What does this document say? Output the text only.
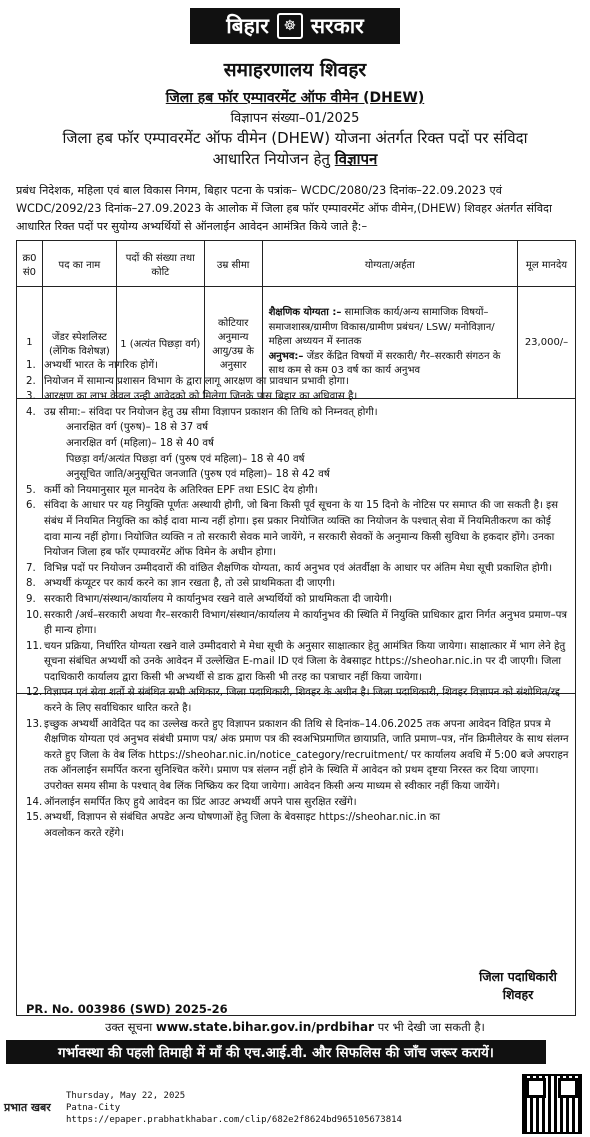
बिहार	☸ सरकार
समाहरणालय शिवहर
जिला हब फॉर एम्पावरमेंट ऑफ वीमेन (DHEW)
विज्ञापन संख्या–01/2025
जिला हब फॉर एम्पावरमेंट ऑफ वीमेन (DHEW) योजना अंतर्गत रिक्त पदों पर संविदा आधारित नियोजन हेतु विज्ञापन
प्रबंध निदेशक, महिला एवं बाल विकास निगम, बिहार पटना के पत्रांक– WCDC/2080/23 दिनांक–22.09.2023 एवं WCDC/2092/23 दिनांक–27.09.2023 के आलोक में जिला हब फॉर एम्पावरमेंट ऑफ वीमेन,(DHEW) शिवहर अंतर्गत संविदा आधारित रिक्त पदों पर सुयोग्य अभ्यर्थियों से ऑनलाईन आवेदन आमंत्रित किये जाते है:–
क्र0 सं0	पद का नाम	पदों की संख्या तथा कोटि	उम्र सीमा	योग्यता/अर्हता	मूल मानदेय
1	जेंडर स्पेशलिस्ट (लेंगिक विशेषज्ञ)	1 (अत्यंत पिछड़ा वर्ग)	कोटियार अनुमान्य आयु/उम्र के अनुसार	शैक्षणिक योग्यता :– सामाजिक कार्य/अन्य सामाजिक विषयों– समाजशास्त्र/ग्रामीण विकास/ग्रामीण प्रबंधन/ LSW/ मनोविज्ञान/ महिला अध्ययन में स्नातक
अनुभव:– जेंडर केंद्रित विषयों में सरकारी/ गैर–सरकारी संगठन के साथ कम से कम 03 वर्ष का कार्य अनुभव	23,000/–
1. अभ्यर्थी भारत के नागरिक होगें।
2. नियोजन में सामान्य प्रशासन विभाग के द्वारा लागू आरक्षण का प्रावधान प्रभावी होगा।
3. आरक्षण का लाभ केवल उन्ही आवेदको को मिलेगा जिनके पास बिहार का अधिवास है।
4. उम्र सीमा:– संविदा पर नियोजन हेतु उम्र सीमा विज्ञापन प्रकाशन की तिथि को निम्नवत् होगी।
अनारक्षित वर्ग (पुरुष)– 18 से 37 वर्ष
अनारक्षित वर्ग (महिला)– 18 से 40 वर्ष
पिछड़ा वर्ग/अत्यंत पिछड़ा वर्ग (पुरुष एवं महिला)– 18 से 40 वर्ष
अनुसूचित जाति/अनुसूचित जनजाति (पुरुष एवं महिला)– 18 से 42 वर्ष
5. कर्मी को नियमानुसार मूल मानदेय के अतिरिक्त EPF तथा ESIC देय होगी।
6. संविदा के आधार पर यह नियुक्ति पूर्णतः अस्थायी होगी, जो बिना किसी पूर्व सूचना के या 15 दिनो के नोटिस पर समाप्त की जा सकती है। इस संबंध में नियमित नियुक्ति का कोई दावा मान्य नहीं होगा। इस प्रकार नियोजित व्यक्ति का नियोजन के पश्चात् सेवा में नियमितीकरण का कोई दावा मान्य नहीं होगा। नियोजित व्यक्ति न तो सरकारी सेवक माने जायेंगे, न सरकारी सेवकों के अनुमान्य किसी सुविधा के हकदार होंगे। उनका नियोजन जिला हब फॉर एम्पावरमेंट ऑफ विमेन के अधीन होगा।
7. विभिन्न पदों पर नियोजन उम्मीदवारों की वांछित शैक्षणिक योग्यता, कार्य अनुभव एवं अंतर्वीक्षा के आधार पर अंतिम मेधा सूची प्रकाशित होगी।
8. अभ्यर्थी कंप्यूटर पर कार्य करने का ज्ञान रखता है, तो उसे प्राथमिकता दी जाएगी।
9. सरकारी विभाग/संस्थान/कार्यालय मे कार्यानुभव रखने वाले अभ्यर्थियों को प्राथमिकता दी जायेगी।
10. सरकारी /अर्ध–सरकारी अथवा गैर–सरकारी विभाग/संस्थान/कार्यालय मे कार्यानुभव की स्थिति में नियुक्ति प्राधिकार द्वारा निर्गत अनुभव प्रमाण–पत्र ही मान्य होगा।
11. चयन प्रक्रिया, निर्धारित योग्यता रखने वाले उम्मीदवारो मे मेधा सूची के अनुसार साक्षात्कार हेतु आमंत्रित किया जायेगा। साक्षात्कार में भाग लेने हेतु सूचना संबंधित अभ्यर्थी को उनके आवेदन में उल्लेखित E-mail ID एवं जिला के वेबसाइट https://sheohar.nic.in पर दी जाएगी। जिला पदाधिकारी कार्यालय द्वारा किसी भी अभ्यर्थी से डाक द्वारा किसी भी तरह का पत्राचार नहीं किया जायेगा।
12. विज्ञापन एवं सेवा शर्तो से संबंधित सभी अधिकार, जिला पदाधिकारी, शिवहर के अधीन है। जिला पदाधिकारी, शिवहर विज्ञापन को संशोधित/रद्द करने के लिए सर्वाधिकार धारित करते है।
13. इच्छुक अभ्यर्थी आवेदित पद का उल्लेख करते हुए विज्ञापन प्रकाशन की तिथि से दिनांक–14.06.2025 तक अपना आवेदन विहित प्रपत्र मे शैक्षणिक योग्यता एवं अनुभव संबंधी प्रमाण पत्र/ अंक प्रमाण पत्र की स्वअभिप्रमाणित छायाप्रति, जाति प्रमाण–पत्र, नॉन क्रिमीलेयर के साथ संलग्न करते हुए जिला के वेब लिंक https://sheohar.nic.in/notice_category/recruitment/ पर कार्यालय अवधि में 5:00 बजे अपराहन तक ऑनलाईन समर्पित करना सुनिश्चित करेंगे। प्रमाण पत्र संलग्न नहीं होने के स्थिति में आवेदन को प्रथम दृष्टया निरस्त कर दिया जाएगा। उपरोक्त समय सीमा के पश्चात् वेब लिंक निष्क्रिय कर दिया जायेगा। आवेदन किसी अन्य माध्यम से स्वीकार नहीं किया जायेंगे।
14. ऑनलाईन समर्पित किए हुये आवेदन का प्रिंट आउट अभ्यर्थी अपने पास सुरक्षित रखेंगे।
15. अभ्यर्थी, विज्ञापन से संबंधित अपडेट अन्य घोषणाओं हेतु जिला के बेवसाइट https://sheohar.nic.in का अवलोकन करते रहेंगे।
जिला पदाधिकारी
शिवहर
PR. No. 003986 (SWD) 2025-26
उक्त सूचना www.state.bihar.gov.in/prdbihar पर भी देखी जा सकती है।
गर्भावस्था की पहली तिमाही में माँ की एच.आई.वी. और सिफलिस की जाँच जरूर करायें।
प्रभात खबर
Thursday, May 22, 2025
Patna-City
https://epaper.prabhatkhabar.com/clip/682e2f8624bd965105673814
